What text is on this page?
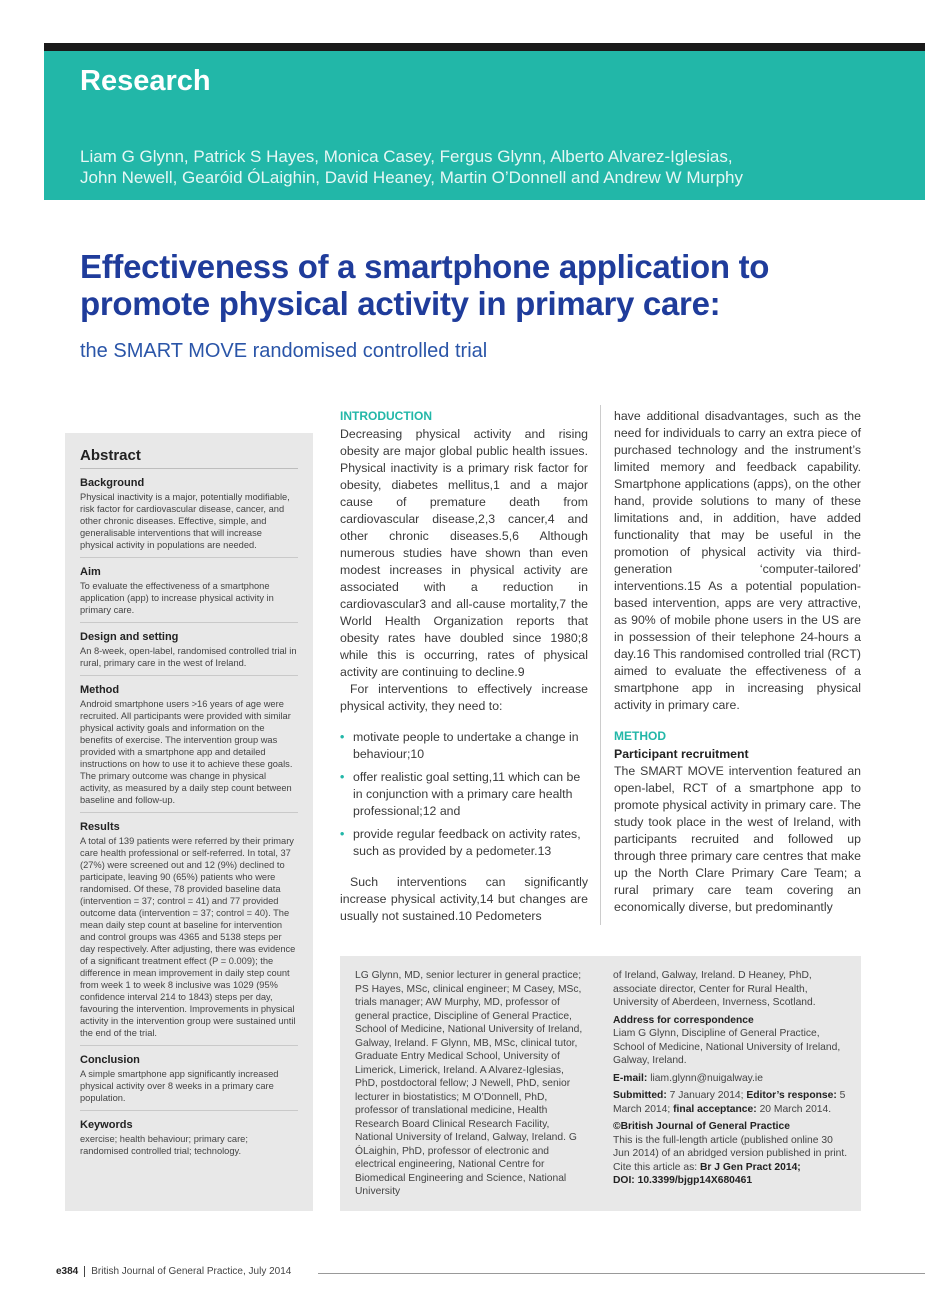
Research
Liam G Glynn, Patrick S Hayes, Monica Casey, Fergus Glynn, Alberto Alvarez-Iglesias,
John Newell, Gearóid ÓLaighin, David Heaney, Martin O’Donnell and Andrew W Murphy
Effectiveness of a smartphone application to
promote physical activity in primary care:
the SMART MOVE randomised controlled trial
Abstract
Background

Physical inactivity is a major, potentially modifiable, risk factor for cardiovascular disease, cancer, and other chronic diseases. Effective, simple, and generalisable interventions that will increase physical activity in populations are needed.

Aim

To evaluate the effectiveness of a smartphone application (app) to increase physical activity in primary care.

Design and setting

An 8-week, open-label, randomised controlled trial in rural, primary care in the west of Ireland.

Method

Android smartphone users >16 years of age were recruited. All participants were provided with similar physical activity goals and information on the benefits of exercise. The intervention group was provided with a smartphone app and detailed instructions on how to use it to achieve these goals. The primary outcome was change in physical activity, as measured by a daily step count between baseline and follow-up.

Results

A total of 139 patients were referred by their primary care health professional or self-referred. In total, 37 (27%) were screened out and 12 (9%) declined to participate, leaving 90 (65%) patients who were randomised. Of these, 78 provided baseline data (intervention = 37; control = 41) and 77 provided outcome data (intervention = 37; control = 40). The mean daily step count at baseline for intervention and control groups was 4365 and 5138 steps per day respectively. After adjusting, there was evidence of a significant treatment effect (P = 0.009); the difference in mean improvement in daily step count from week 1 to week 8 inclusive was 1029 (95% confidence interval 214 to 1843) steps per day, favouring the intervention. Improvements in physical activity in the intervention group were sustained until the end of the trial.

Conclusion

A simple smartphone app significantly increased physical activity over 8 weeks in a primary care population.

Keywords

exercise; health behaviour; primary care; randomised controlled trial; technology.

INTRODUCTION

Decreasing physical activity and rising obesity are major global public health issues. Physical inactivity is a primary risk factor for obesity, diabetes mellitus,1 and a major cause of premature death from cardiovascular disease,2,3 cancer,4 and other chronic diseases.5,6 Although numerous studies have shown than even modest increases in physical activity are associated with a reduction in cardiovascular3 and all-cause mortality,7 the World Health Organization reports that obesity rates have doubled since 1980;8 while this is occurring, rates of physical activity are continuing to decline.9

For interventions to effectively increase physical activity, they need to:

• motivate people to undertake a change in behaviour;10
• offer realistic goal setting,11 which can be in conjunction with a primary care health professional;12 and
• provide regular feedback on activity rates, such as provided by a pedometer.13

Such interventions can significantly increase physical activity,14 but changes are usually not sustained.10 Pedometers

have additional disadvantages, such as the need for individuals to carry an extra piece of purchased technology and the instrument’s limited memory and feedback capability. Smartphone applications (apps), on the other hand, provide solutions to many of these limitations and, in addition, have added functionality that may be useful in the promotion of physical activity via third-generation ‘computer-tailored’ interventions.15 As a potential population-based intervention, apps are very attractive, as 90% of mobile phone users in the US are in possession of their telephone 24-hours a day.16 This randomised controlled trial (RCT) aimed to evaluate the effectiveness of a smartphone app in increasing physical activity in primary care.

METHOD
Participant recruitment

The SMART MOVE intervention featured an open-label, RCT of a smartphone app to promote physical activity in primary care. The study took place in the west of Ireland, with participants recruited and followed up through three primary care centres that make up the North Clare Primary Care Team; a rural primary care team covering an economically diverse, but predominantly

LG Glynn, MD, senior lecturer in general practice; PS Hayes, MSc, clinical engineer; M Casey, MSc, trials manager; AW Murphy, MD, professor of general practice, Discipline of General Practice, School of Medicine, National University of Ireland, Galway, Ireland. F Glynn, MB, MSc, clinical tutor, Graduate Entry Medical School, University of Limerick, Limerick, Ireland. A Alvarez-Iglesias, PhD, postdoctoral fellow; J Newell, PhD, senior lecturer in biostatistics; M O’Donnell, PhD, professor of translational medicine, Health Research Board Clinical Research Facility, National University of Ireland, Galway, Ireland. G ÓLaighin, PhD, professor of electronic and electrical engineering, National Centre for Biomedical Engineering and Science, National University
of Ireland, Galway, Ireland. D Heaney, PhD, associate director, Center for Rural Health, University of Aberdeen, Inverness, Scotland.
Address for correspondence
Liam G Glynn, Discipline of General Practice, School of Medicine, National University of Ireland, Galway, Ireland.
E-mail: liam.glynn@nuigalway.ie
Submitted: 7 January 2014; Editor’s response: 5 March 2014; final acceptance: 20 March 2014.
©British Journal of General Practice
This is the full-length article (published online 30 Jun 2014) of an abridged version published in print. Cite this article as: Br J Gen Pract 2014;
DOI: 10.3399/bjgp14X680461
e384	British Journal of General Practice, July 2014
